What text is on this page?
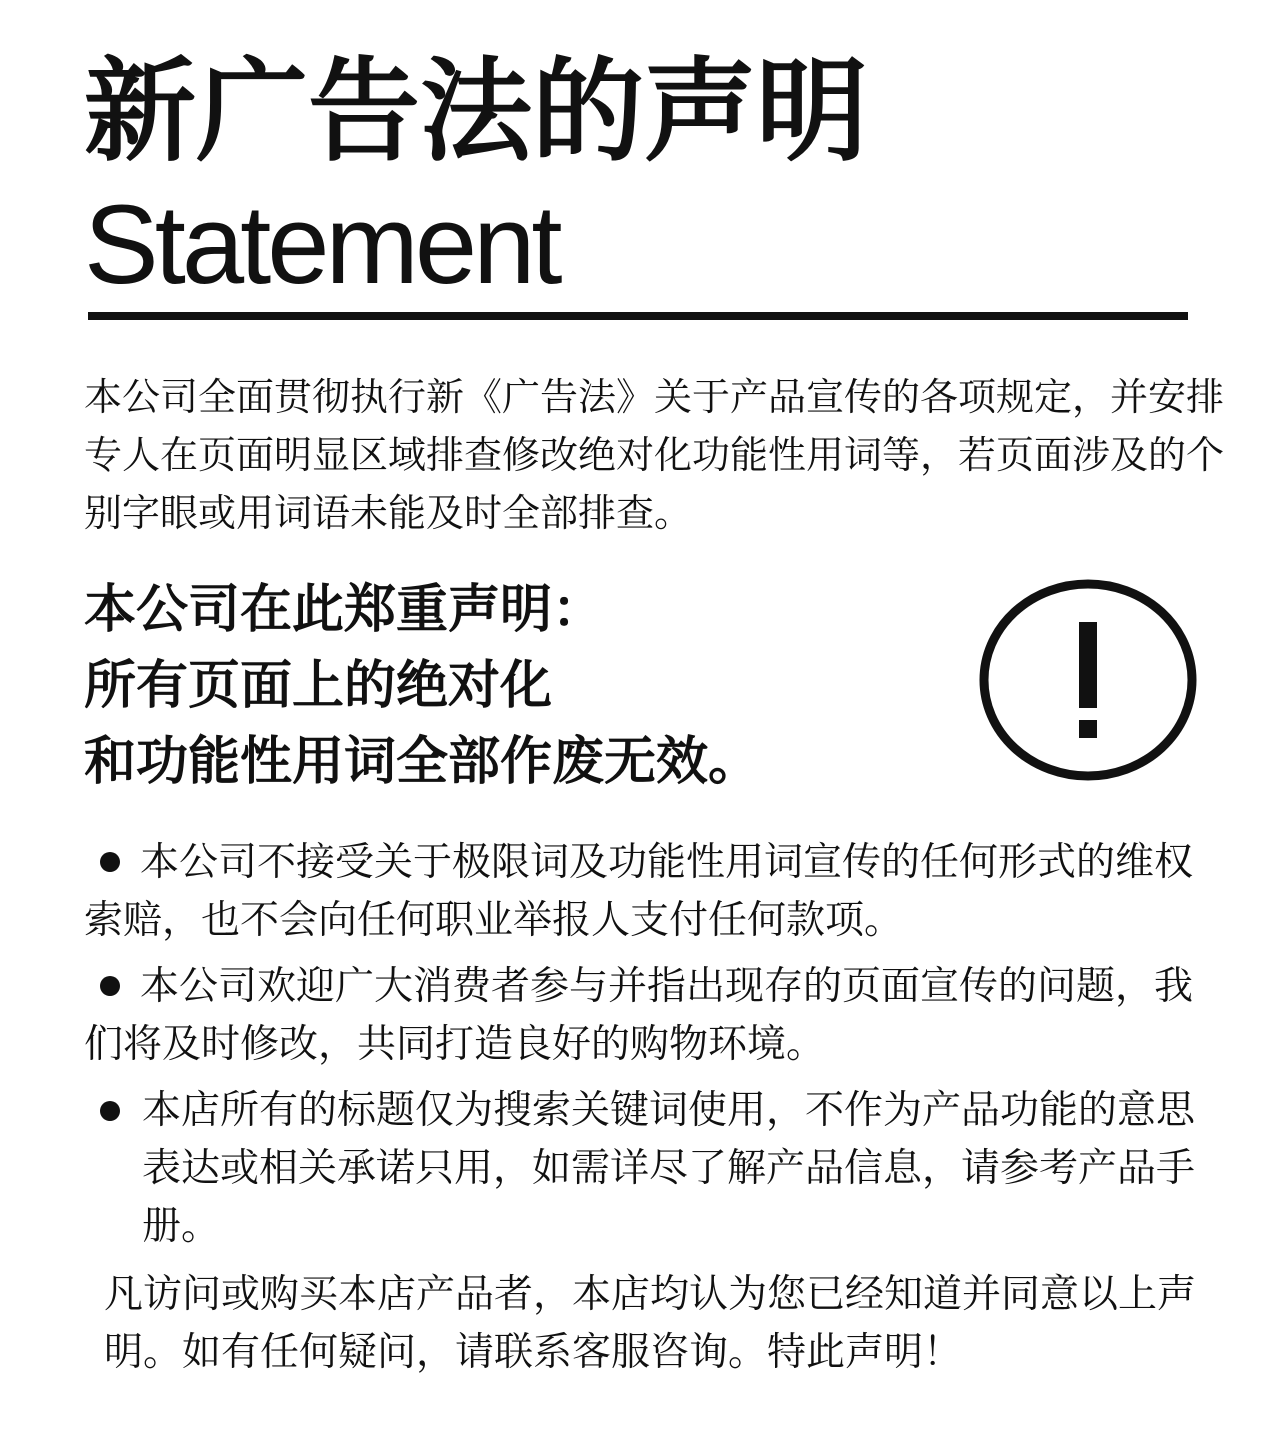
新广告法的声明
Statement

本公司全面贯彻执行新《广告法》关于产品宣传的各项规定，并安排专人在页面明显区域排查修改绝对化功能性用词等，若页面涉及的个别字眼或用词语未能及时全部排查。

本公司在此郑重声明：
所有页面上的绝对化
和功能性用词全部作废无效。
本公司不接受关于极限词及功能性用词宣传的任何形式的维权索赔，也不会向任何职业举报人支付任何款项。
本公司欢迎广大消费者参与并指出现存的页面宣传的问题，我们将及时修改，共同打造良好的购物环境。
本店所有的标题仅为搜索关键词使用，不作为产品功能的意思表达或相关承诺只用，如需详尽了解产品信息，请参考产品手册。

凡访问或购买本店产品者，本店均认为您已经知道并同意以上声明。如有任何疑问，请联系客服咨询。特此声明！
